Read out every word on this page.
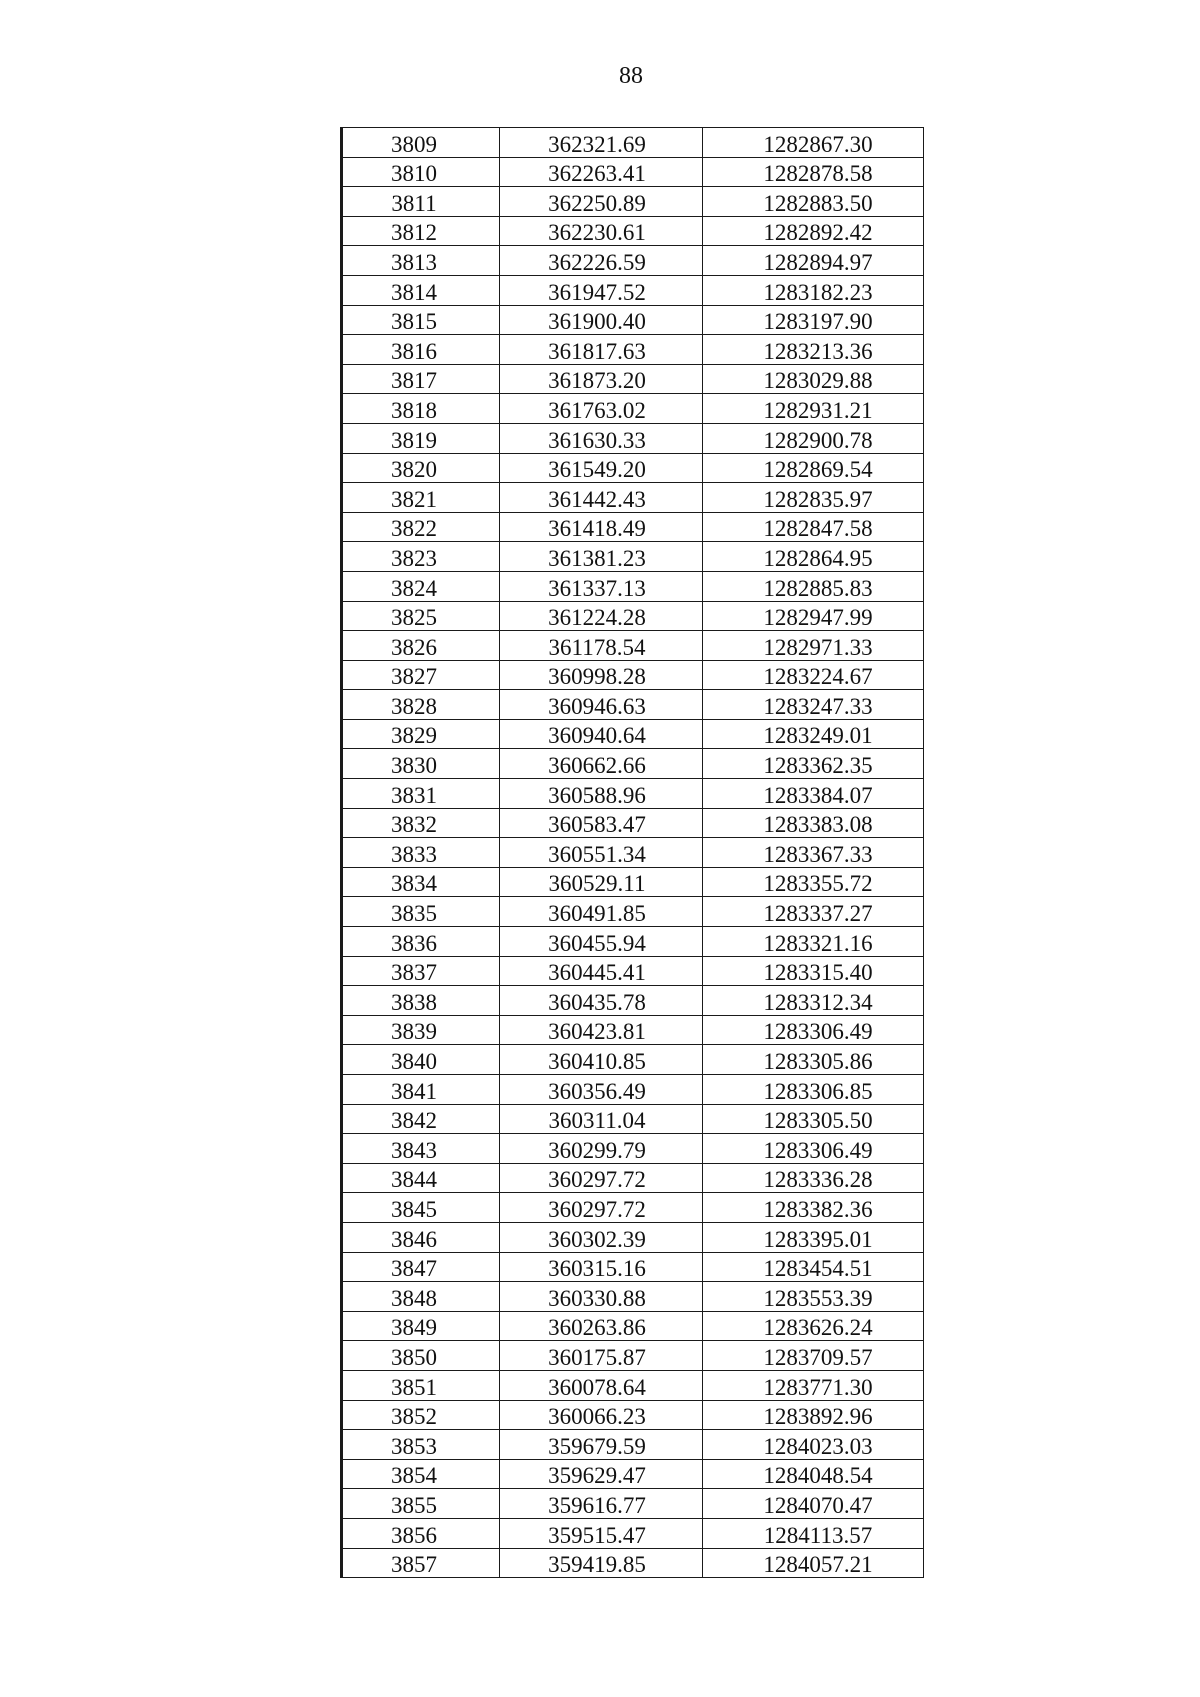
88
3809	362321.69	1282867.30
3810	362263.41	1282878.58
3811	362250.89	1282883.50
3812	362230.61	1282892.42
3813	362226.59	1282894.97
3814	361947.52	1283182.23
3815	361900.40	1283197.90
3816	361817.63	1283213.36
3817	361873.20	1283029.88
3818	361763.02	1282931.21
3819	361630.33	1282900.78
3820	361549.20	1282869.54
3821	361442.43	1282835.97
3822	361418.49	1282847.58
3823	361381.23	1282864.95
3824	361337.13	1282885.83
3825	361224.28	1282947.99
3826	361178.54	1282971.33
3827	360998.28	1283224.67
3828	360946.63	1283247.33
3829	360940.64	1283249.01
3830	360662.66	1283362.35
3831	360588.96	1283384.07
3832	360583.47	1283383.08
3833	360551.34	1283367.33
3834	360529.11	1283355.72
3835	360491.85	1283337.27
3836	360455.94	1283321.16
3837	360445.41	1283315.40
3838	360435.78	1283312.34
3839	360423.81	1283306.49
3840	360410.85	1283305.86
3841	360356.49	1283306.85
3842	360311.04	1283305.50
3843	360299.79	1283306.49
3844	360297.72	1283336.28
3845	360297.72	1283382.36
3846	360302.39	1283395.01
3847	360315.16	1283454.51
3848	360330.88	1283553.39
3849	360263.86	1283626.24
3850	360175.87	1283709.57
3851	360078.64	1283771.30
3852	360066.23	1283892.96
3853	359679.59	1284023.03
3854	359629.47	1284048.54
3855	359616.77	1284070.47
3856	359515.47	1284113.57
3857	359419.85	1284057.21
